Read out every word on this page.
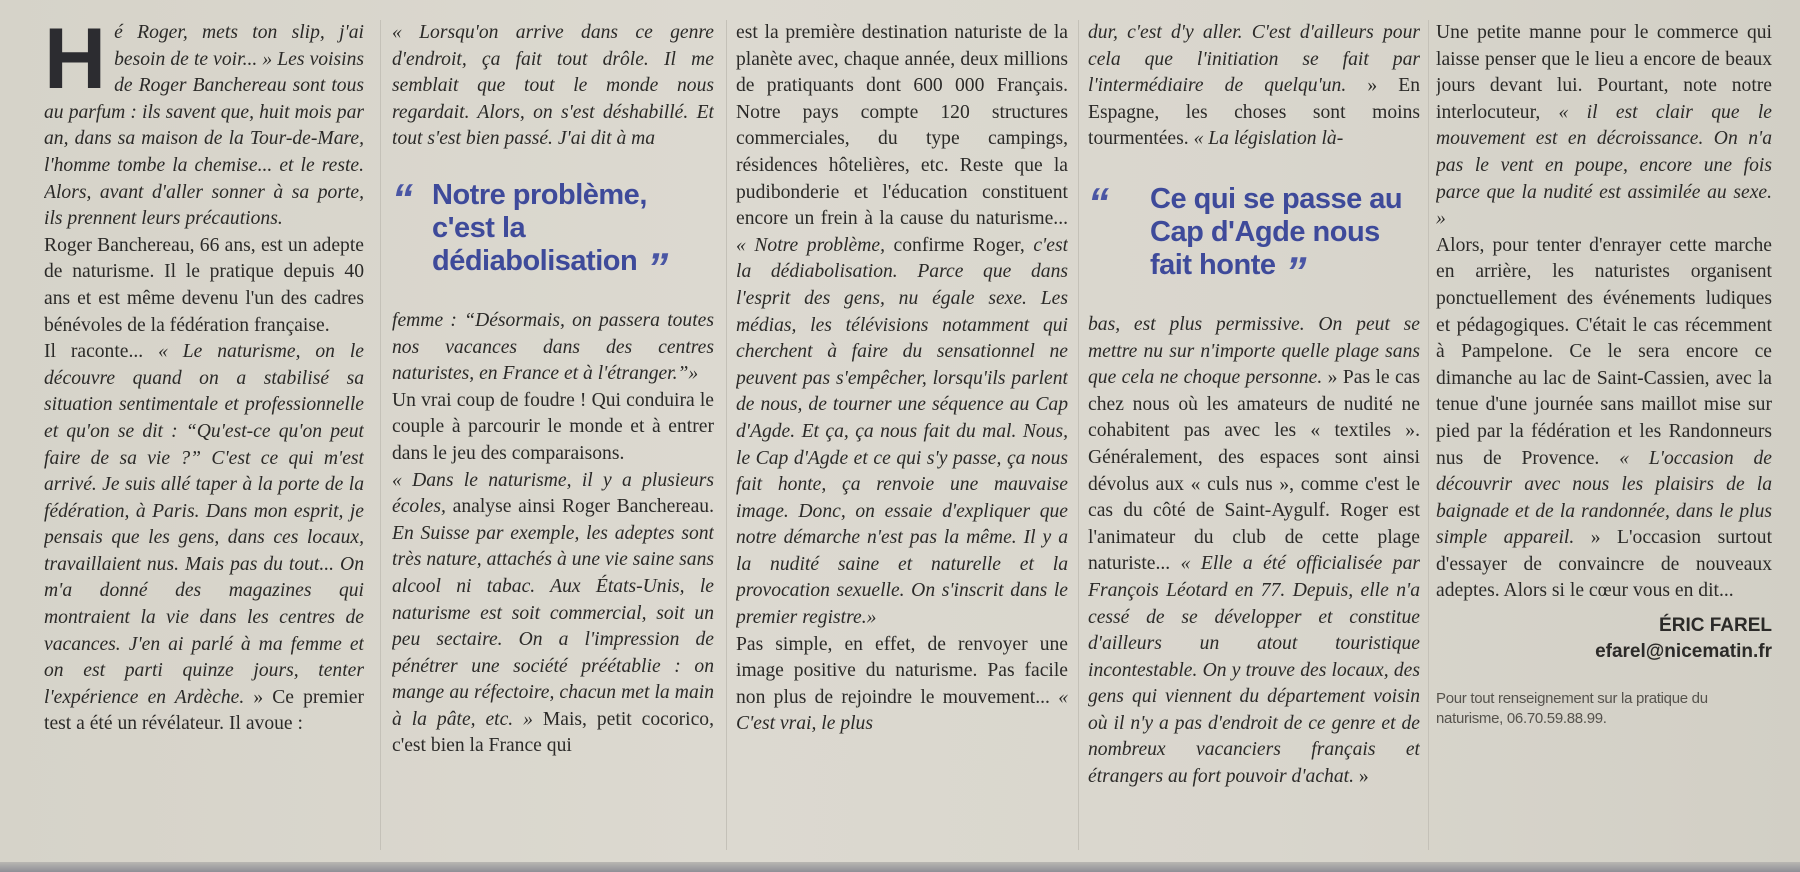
Hé Roger, mets ton slip, j'ai besoin de te voir... » Les voisins de Roger Banchereau sont tous au parfum : ils savent que, huit mois par an, dans sa maison de la Tour-de-Mare, l'homme tombe la chemise... et le reste. Alors, avant d'aller sonner à sa porte, ils prennent leurs précautions.

Roger Banchereau, 66 ans, est un adepte de naturisme. Il le pratique depuis 40 ans et est même devenu l'un des cadres bénévoles de la fédération française.

Il raconte... « Le naturisme, on le découvre quand on a stabilisé sa situation sentimentale et professionnelle et qu'on se dit : “Qu'est-ce qu'on peut faire de sa vie ?” C'est ce qui m'est arrivé. Je suis allé taper à la porte de la fédération, à Paris. Dans mon esprit, je pensais que les gens, dans ces locaux, travaillaient nus. Mais pas du tout... On m'a donné des magazines qui montraient la vie dans les centres de vacances. J'en ai parlé à ma femme et on est parti quinze jours, tenter l'expérience en Ardèche. » Ce premier test a été un révélateur. Il avoue :

« Lorsqu'on arrive dans ce genre d'endroit, ça fait tout drôle. Il me semblait que tout le monde nous regardait. Alors, on s'est déshabillé. Et tout s'est bien passé. J'ai dit à ma

“ Notre problème, c'est la dédiabolisation ”

femme : “Désormais, on passera toutes nos vacances dans des centres naturistes, en France et à l'étranger.”»

Un vrai coup de foudre ! Qui conduira le couple à parcourir le monde et à entrer dans le jeu des comparaisons.

« Dans le naturisme, il y a plusieurs écoles, analyse ainsi Roger Banchereau. En Suisse par exemple, les adeptes sont très nature, attachés à une vie saine sans alcool ni tabac. Aux États-Unis, le naturisme est soit commercial, soit un peu sectaire. On a l'impression de pénétrer une société préétablie : on mange au réfectoire, chacun met la main à la pâte, etc. » Mais, petit cocorico, c'est bien la France qui

est la première destination naturiste de la planète avec, chaque année, deux millions de pratiquants dont 600 000 Français. Notre pays compte 120 structures commerciales, du type campings, résidences hôtelières, etc. Reste que la pudibonderie et l'éducation constituent encore un frein à la cause du naturisme... « Notre problème, confirme Roger, c'est la dédiabolisation. Parce que dans l'esprit des gens, nu égale sexe. Les médias, les télévisions notamment qui cherchent à faire du sensationnel ne peuvent pas s'empêcher, lorsqu'ils parlent de nous, de tourner une séquence au Cap d'Agde. Et ça, ça nous fait du mal. Nous, le Cap d'Agde et ce qui s'y passe, ça nous fait honte, ça renvoie une mauvaise image. Donc, on essaie d'expliquer que notre démarche n'est pas la même. Il y a la nudité saine et naturelle et la provocation sexuelle. On s'inscrit dans le premier registre.»

Pas simple, en effet, de renvoyer une image positive du naturisme. Pas facile non plus de rejoindre le mouvement... « C'est vrai, le plus

dur, c'est d'y aller. C'est d'ailleurs pour cela que l'initiation se fait par l'intermédiaire de quelqu'un. » En Espagne, les choses sont moins tourmentées. « La législation là-

“ Ce qui se passe au Cap d'Agde nous fait honte ”

bas, est plus permissive. On peut se mettre nu sur n'importe quelle plage sans que cela ne choque personne. » Pas le cas chez nous où les amateurs de nudité ne cohabitent pas avec les « textiles ». Généralement, des espaces sont ainsi dévolus aux « culs nus », comme c'est le cas du côté de Saint-Aygulf. Roger est l'animateur du club de cette plage naturiste... « Elle a été officialisée par François Léotard en 77. Depuis, elle n'a cessé de se développer et constitue d'ailleurs un atout touristique incontestable. On y trouve des locaux, des gens qui viennent du département voisin où il n'y a pas d'endroit de ce genre et de nombreux vacanciers français et étrangers au fort pouvoir d'achat. »

Une petite manne pour le commerce qui laisse penser que le lieu a encore de beaux jours devant lui. Pourtant, note notre interlocuteur, « il est clair que le mouvement est en décroissance. On n'a pas le vent en poupe, encore une fois parce que la nudité est assimilée au sexe. »

Alors, pour tenter d'enrayer cette marche en arrière, les naturistes organisent ponctuellement des événements ludiques et pédagogiques. C'était le cas récemment à Pampelone. Ce le sera encore ce dimanche au lac de Saint-Cassien, avec la tenue d'une journée sans maillot mise sur pied par la fédération et les Randonneurs nus de Provence. « L'occasion de découvrir avec nous les plaisirs de la baignade et de la randonnée, dans le plus simple appareil. » L'occasion surtout d'essayer de convaincre de nouveaux adeptes. Alors si le cœur vous en dit...

ÉRIC FAREL
efarel@nicematin.fr
Pour tout renseignement sur la pratique du naturisme, 06.70.59.88.99.
